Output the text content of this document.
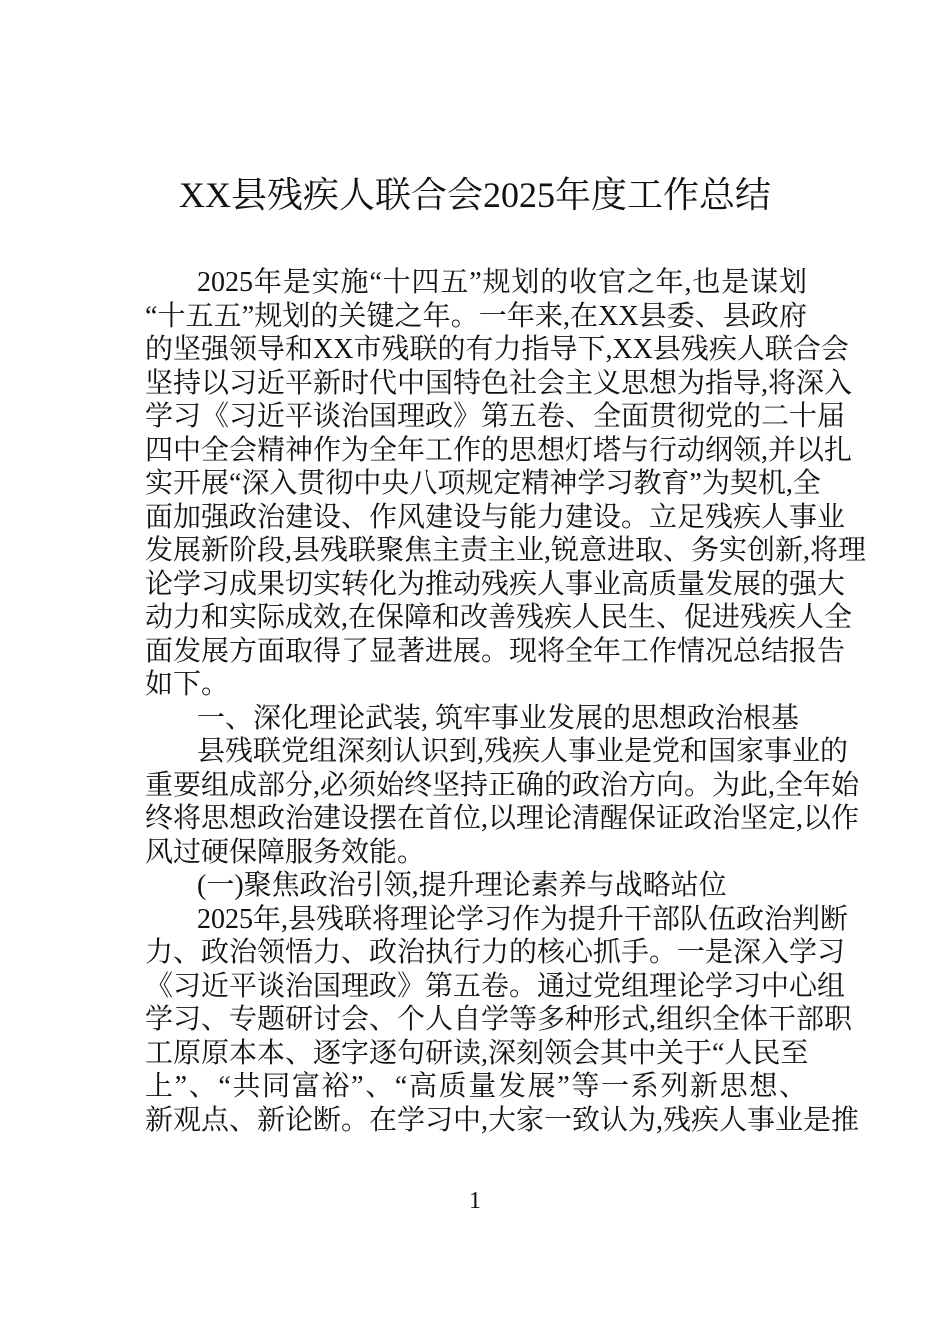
XX县残疾人联合会2025年度工作总结
2025年是实施“十四五”规划的收官之年,也是谋划
“十五五”规划的关键之年。一年来,在XX县委、县政府
的坚强领导和XX市残联的有力指导下,XX县残疾人联合会
坚持以习近平新时代中国特色社会主义思想为指导,将深入
学习《习近平谈治国理政》第五卷、全面贯彻党的二十届
四中全会精神作为全年工作的思想灯塔与行动纲领,并以扎
实开展“深入贯彻中央八项规定精神学习教育”为契机,全
面加强政治建设、作风建设与能力建设。立足残疾人事业
发展新阶段,县残联聚焦主责主业,锐意进取、务实创新,将理
论学习成果切实转化为推动残疾人事业高质量发展的强大
动力和实际成效,在保障和改善残疾人民生、促进残疾人全
面发展方面取得了显著进展。现将全年工作情况总结报告
如下。
一、深化理论武装, 筑牢事业发展的思想政治根基
县残联党组深刻认识到,残疾人事业是党和国家事业的
重要组成部分,必须始终坚持正确的政治方向。为此,全年始
终将思想政治建设摆在首位,以理论清醒保证政治坚定,以作
风过硬保障服务效能。
(一)聚焦政治引领,提升理论素养与战略站位
2025年,县残联将理论学习作为提升干部队伍政治判断
力、政治领悟力、政治执行力的核心抓手。一是深入学习
《习近平谈治国理政》第五卷。通过党组理论学习中心组
学习、专题研讨会、个人自学等多种形式,组织全体干部职
工原原本本、逐字逐句研读,深刻领会其中关于“人民至
上”、“共同富裕”、“高质量发展”等一系列新思想、
新观点、新论断。在学习中,大家一致认为,残疾人事业是推
1
